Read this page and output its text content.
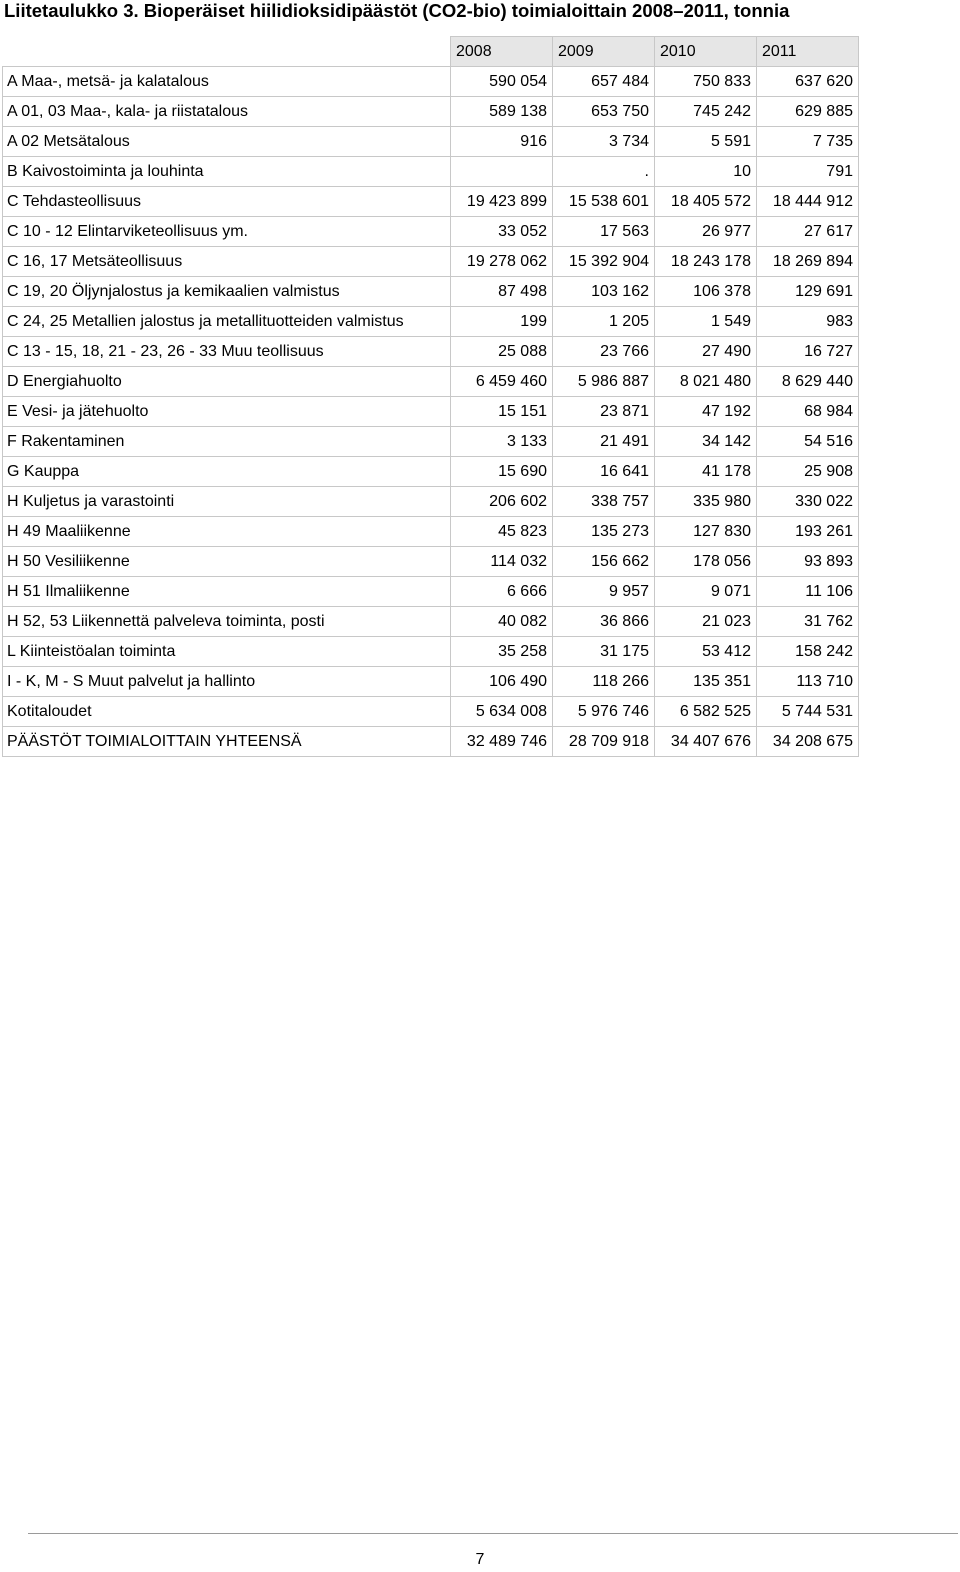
Liitetaulukko 3. Bioperäiset hiilidioksidipäästöt (CO2-bio) toimialoittain 2008–2011, tonnia
	2008	2009	2010	2011
A Maa-, metsä- ja kalatalous	590 054	657 484	750 833	637 620
A 01, 03 Maa-, kala- ja riistatalous	589 138	653 750	745 242	629 885
A 02 Metsätalous	916	3 734	5 591	7 735
B Kaivostoiminta ja louhinta		.	10	791
C Tehdasteollisuus	19 423 899	15 538 601	18 405 572	18 444 912
C 10 - 12 Elintarviketeollisuus ym.	33 052	17 563	26 977	27 617
C 16, 17 Metsäteollisuus	19 278 062	15 392 904	18 243 178	18 269 894
C 19, 20 Öljynjalostus ja kemikaalien valmistus	87 498	103 162	106 378	129 691
C 24, 25 Metallien jalostus ja metallituotteiden valmistus	199	1 205	1 549	983
C 13 - 15, 18, 21 - 23, 26 - 33 Muu teollisuus	25 088	23 766	27 490	16 727
D Energiahuolto	6 459 460	5 986 887	8 021 480	8 629 440
E Vesi- ja jätehuolto	15 151	23 871	47 192	68 984
F Rakentaminen	3 133	21 491	34 142	54 516
G Kauppa	15 690	16 641	41 178	25 908
H Kuljetus ja varastointi	206 602	338 757	335 980	330 022
H 49 Maaliikenne	45 823	135 273	127 830	193 261
H 50 Vesiliikenne	114 032	156 662	178 056	93 893
H 51 Ilmaliikenne	6 666	9 957	9 071	11 106
H 52, 53 Liikennettä palveleva toiminta, posti	40 082	36 866	21 023	31 762
L Kiinteistöalan toiminta	35 258	31 175	53 412	158 242
I - K, M - S Muut palvelut ja hallinto	106 490	118 266	135 351	113 710
Kotitaloudet	5 634 008	5 976 746	6 582 525	5 744 531
PÄÄSTÖT TOIMIALOITTAIN YHTEENSÄ	32 489 746	28 709 918	34 407 676	34 208 675
7
